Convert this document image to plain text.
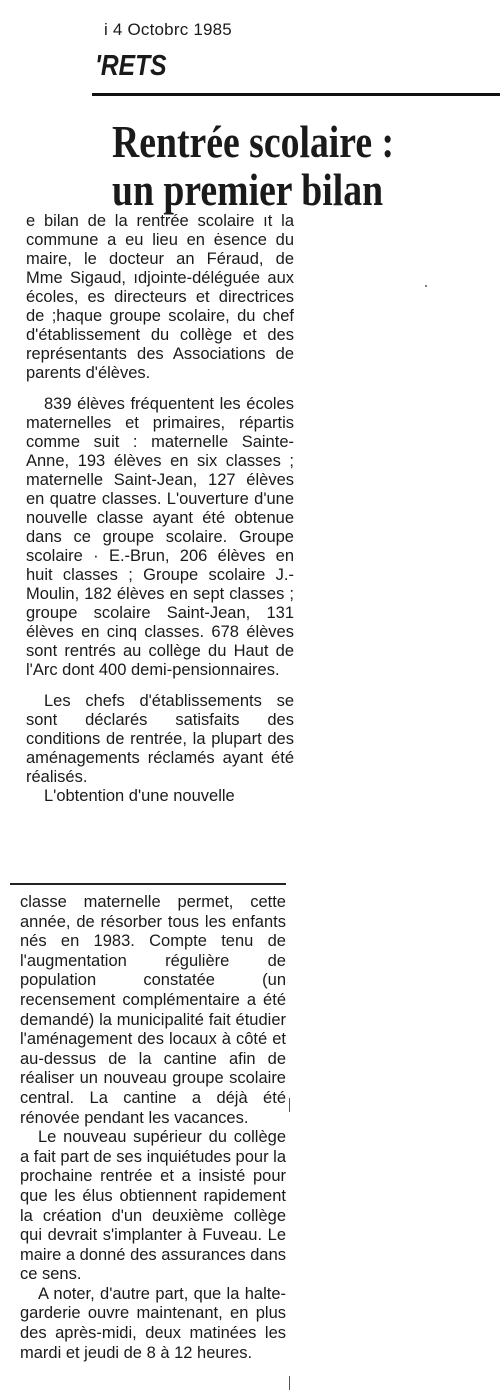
i 4 Octobrc 1985
'RETS
Rentrée scolaire :
un premier bilan

e bilan de la rentrée scolaire ıt la commune a eu lieu en ėsence du maire, le docteur an Féraud, de Mme Sigaud, ıdjointe-déléguée aux écoles, es directeurs et directrices de ;haque groupe scolaire, du chef d'établissement du collège et des représentants des Associations de parents d'élèves.

839 élèves fréquentent les écoles maternelles et primaires, répartis comme suit : maternelle Sainte-Anne, 193 élèves en six classes ; maternelle Saint-Jean, 127 élèves en quatre classes. L'ouverture d'une nouvelle classe ayant été obtenue dans ce groupe scolaire. Groupe scolaire · E.-Brun, 206 élèves en huit classes ; Groupe scolaire J.-Moulin, 182 élèves en sept classes ; groupe scolaire Saint-Jean, 131 élèves en cinq classes. 678 élèves sont rentrés au collège du Haut de l'Arc dont 400 demi-pensionnaires.

Les chefs d'établissements se sont déclarés satisfaits des conditions de rentrée, la plupart des aménagements réclamés ayant été réalisés.

L'obtention d'une nouvelle

classe maternelle permet, cette année, de résorber tous les enfants nés en 1983. Compte tenu de l'augmentation régulière de population constatée (un recensement complémentaire a été demandé) la municipalité fait étudier l'aménagement des locaux à côté et au-dessus de la cantine afin de réaliser un nouveau groupe scolaire central. La cantine a déjà été rénovée pendant les vacances.

Le nouveau supérieur du collège a fait part de ses inquiétudes pour la prochaine rentrée et a insisté pour que les élus obtiennent rapidement la création d'un deuxième collège qui devrait s'implanter à Fuveau. Le maire a donné des assurances dans ce sens.

A noter, d'autre part, que la halte-garderie ouvre maintenant, en plus des après-midi, deux matinées les mardi et jeudi de 8 à 12 heures.
